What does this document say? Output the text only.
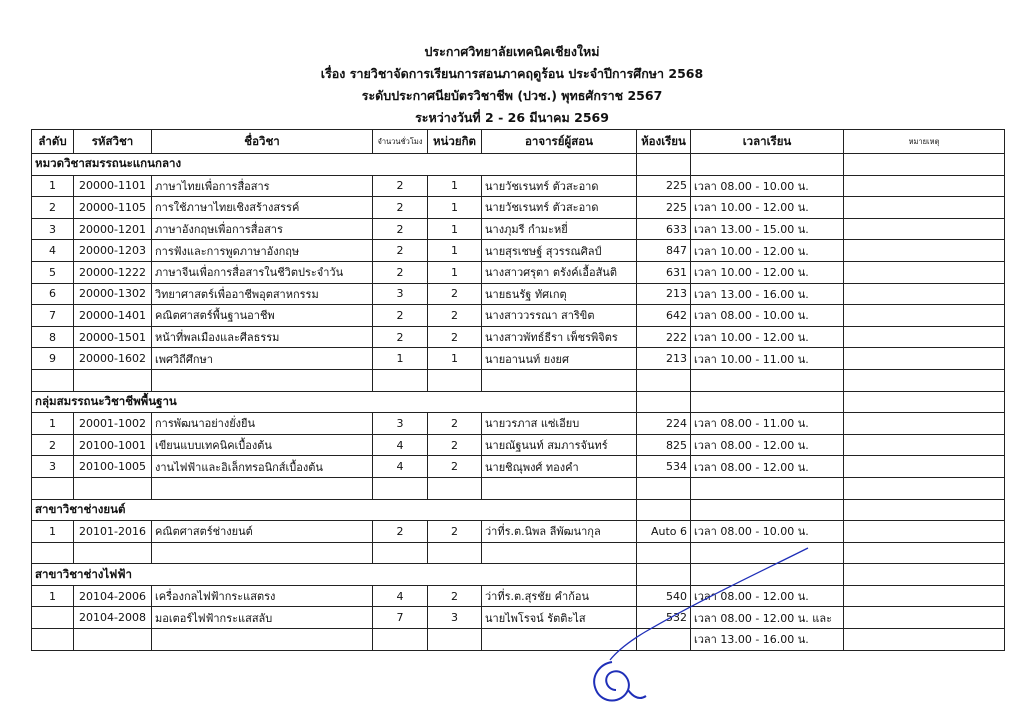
ประกาศวิทยาลัยเทคนิคเชียงใหม่
เรื่อง รายวิชาจัดการเรียนการสอนภาคฤดูร้อน ประจำปีการศึกษา 2568
ระดับประกาศนียบัตรวิชาชีพ (ปวช.) พุทธศักราช 2567
ระหว่างวันที่ 2 - 26 มีนาคม 2569
ลำดับ	รหัสวิชา	ชื่อวิชา	จำนวนชั่วโมง	หน่วยกิต	อาจารย์ผู้สอน	ห้องเรียน	เวลาเรียน	หมายเหตุ
หมวดวิชาสมรรถนะแกนกลาง								
1	20000-1101	ภาษาไทยเพื่อการสื่อสาร	2	1	นายวัชเรนทร์ ตัวสะอาด	225	เวลา 08.00 - 10.00 น.	
2	20000-1105	การใช้ภาษาไทยเชิงสร้างสรรค์	2	1	นายวัชเรนทร์ ตัวสะอาด	225	เวลา 10.00 - 12.00 น.	
3	20000-1201	ภาษาอังกฤษเพื่อการสื่อสาร	2	1	นางภุมรี กำมะหยี่	633	เวลา 13.00 - 15.00 น.	
4	20000-1203	การฟังและการพูดภาษาอังกฤษ	2	1	นายสุรเชษฐ์ สุวรรณศิลป์	847	เวลา 10.00 - 12.00 น.	
5	20000-1222	ภาษาจีนเพื่อการสื่อสารในชีวิตประจำวัน	2	1	นางสาวศรุตา ตรังค์เอื้อสันติ	631	เวลา 10.00 - 12.00 น.	
6	20000-1302	วิทยาศาสตร์เพื่ออาชีพอุตสาหกรรม	3	2	นายธนรัฐ ทัศเกตุ	213	เวลา 13.00 - 16.00 น.	
7	20000-1401	คณิตศาสตร์พื้นฐานอาชีพ	2	2	นางสาววรรณา สาริขิต	642	เวลา 08.00 - 10.00 น.	
8	20000-1501	หน้าที่พลเมืองและศีลธรรม	2	2	นางสาวพัทธ์ธีรา เพ็ชรพิจิตร	222	เวลา 10.00 - 12.00 น.	
9	20000-1602	เพศวิถีศึกษา	1	1	นายอานนท์ ยงยศ	213	เวลา 10.00 - 11.00 น.	

กลุ่มสมรรถนะวิชาชีพพื้นฐาน								
1	20001-1002	การพัฒนาอย่างยั่งยืน	3	2	นายวรภาส แซ่เอียบ	224	เวลา 08.00 - 11.00 น.	
2	20100-1001	เขียนแบบเทคนิคเบื้องต้น	4	2	นายณัฐนนท์ สมภารจันทร์	825	เวลา 08.00 - 12.00 น.	
3	20100-1005	งานไฟฟ้าและอิเล็กทรอนิกส์เบื้องต้น	4	2	นายชิณุพงศ์ ทองคำ	534	เวลา 08.00 - 12.00 น.	

สาขาวิชาช่างยนต์								
1	20101-2016	คณิตศาสตร์ช่างยนต์	2	2	ว่าที่ร.ต.นิพล ลีพัฒนากุล	Auto 6	เวลา 08.00 - 10.00 น.	

สาขาวิชาช่างไฟฟ้า								
1	20104-2006	เครื่องกลไฟฟ้ากระแสตรง	4	2	ว่าที่ร.ต.สุรชัย คำก้อน	540	เวลา 08.00 - 12.00 น.	
	20104-2008	มอเตอร์ไฟฟ้ากระแสสลับ	7	3	นายไพโรจน์ รัตติะไส	532	เวลา 08.00 - 12.00 น. และ	
							เวลา 13.00 - 16.00 น.	
